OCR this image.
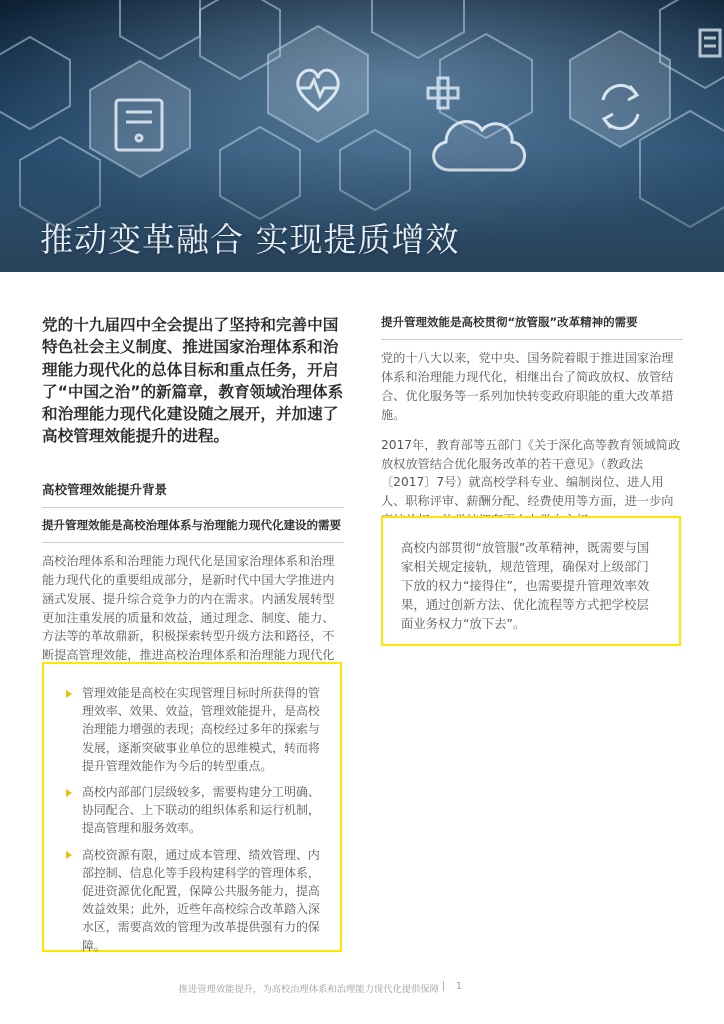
推动变革融合 实现提质增效

党的十九届四中全会提出了坚持和完善中国特色社会主义制度、推进国家治理体系和治理能力现代化的总体目标和重点任务，开启了“中国之治”的新篇章，教育领域治理体系和治理能力现代化建设随之展开，并加速了高校管理效能提升的进程。

高校管理效能提升背景
提升管理效能是高校治理体系与治理能力现代化建设的需要

高校治理体系和治理能力现代化是国家治理体系和治理能力现代化的重要组成部分，是新时代中国大学推进内涵式发展、提升综合竞争力的内在需求。内涵发展转型更加注重发展的质量和效益，通过理念、制度、能力、方法等的革故鼎新，积极探索转型升级方法和路径，不断提高管理效能，推进高校治理体系和治理能力现代化

管理效能是高校在实现管理目标时所获得的管理效率、效果、效益，管理效能提升，是高校治理能力增强的表现；高校经过多年的探索与发展，逐渐突破事业单位的思维模式，转而将提升管理效能作为今后的转型重点。
高校内部部门层级较多，需要构建分工明确、协同配合、上下联动的组织体系和运行机制，提高管理和服务效率。
高校资源有限，通过成本管理、绩效管理、内部控制、信息化等手段构建科学的管理体系，促进资源优化配置，保障公共服务能力，提高效益效果；此外，近些年高校综合改革踏入深水区，需要高效的管理为改革提供强有力的保障。
提升管理效能是高校贯彻“放管服”改革精神的需要

党的十八大以来，党中央、国务院着眼于推进国家治理体系和治理能力现代化，相继出台了简政放权、放管结合、优化服务等一系列加快转变政府职能的重大改革措施。

2017年，教育部等五部门《关于深化高等教育领域简政放权放管结合优化服务改革的若干意见》（教政法〔2017〕7号）就高校学科专业、编制岗位、进人用人、职称评审、薪酬分配、经费使用等方面，进一步向

高校内部贯彻“放管服”改革精神，既需要与国家相关规定接轨，规范管理，确保对上级部门下放的权力“接得住”，也需要提升管理效率效果，通过创新方法、优化流程等方式把学校层面业务权力“放下去”。

推进管理效能提升，为高校治理体系和治理能力现代化提供保障 | 1
